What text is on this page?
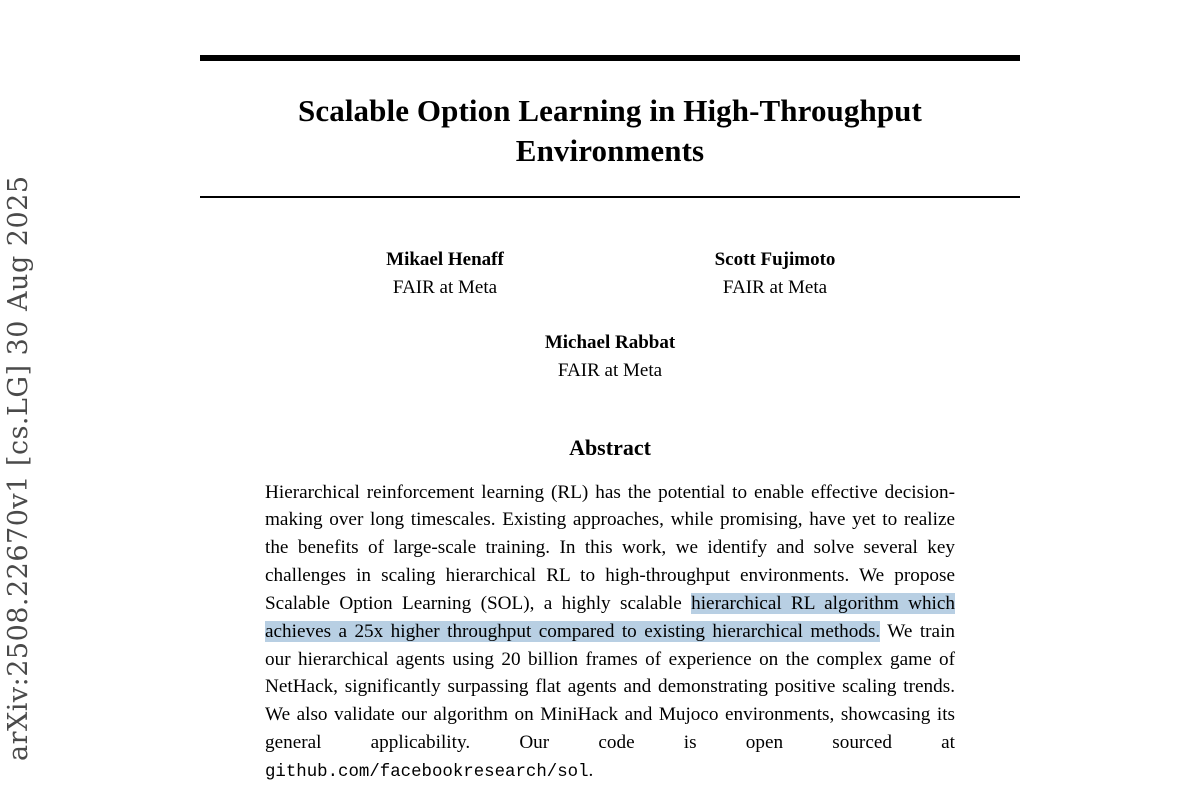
arXiv:2508.22670v1 [cs.LG] 30 Aug 2025
Scalable Option Learning in High-Throughput Environments
Mikael Henaff
FAIR at Meta
Scott Fujimoto
FAIR at Meta
Michael Rabbat
FAIR at Meta
Abstract
Hierarchical reinforcement learning (RL) has the potential to enable effective decision-making over long timescales. Existing approaches, while promising, have yet to realize the benefits of large-scale training. In this work, we identify and solve several key challenges in scaling hierarchical RL to high-throughput environments. We propose Scalable Option Learning (SOL), a highly scalable hierarchical RL algorithm which achieves a 25x higher throughput compared to existing hierarchical methods. We train our hierarchical agents using 20 billion frames of experience on the complex game of NetHack, significantly surpassing flat agents and demonstrating positive scaling trends. We also validate our algorithm on MiniHack and Mujoco environments, showcasing its general applicability. Our code is open sourced at github.com/facebookresearch/sol.
